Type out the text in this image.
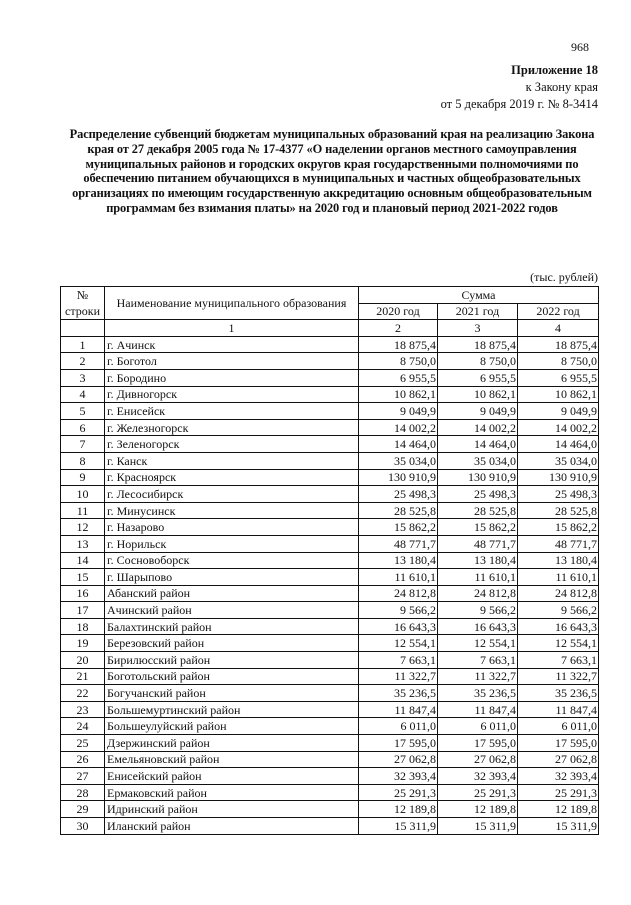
968
Приложение 18
к Закону края
от 5 декабря 2019 г. № 8-3414
Распределение субвенций бюджетам муниципальных образований края на реализацию Закона края от 27 декабря 2005 года № 17-4377 «О наделении органов местного самоуправления муниципальных районов и городских округов края государственными полномочиями по обеспечению питанием обучающихся в муниципальных и частных общеобразовательных организациях по имеющим государственную аккредитацию основным общеобразовательным программам без взимания платы» на 2020 год и плановый период 2021-2022 годов
(тыс. рублей)
№ строки	Наименование муниципального образования	Сумма		
		2020 год	2021 год	2022 год
	1	2	3	4
1	г. Ачинск	18 875,4	18 875,4	18 875,4
2	г. Боготол	8 750,0	8 750,0	8 750,0
3	г. Бородино	6 955,5	6 955,5	6 955,5
4	г. Дивногорск	10 862,1	10 862,1	10 862,1
5	г. Енисейск	9 049,9	9 049,9	9 049,9
6	г. Железногорск	14 002,2	14 002,2	14 002,2
7	г. Зеленогорск	14 464,0	14 464,0	14 464,0
8	г. Канск	35 034,0	35 034,0	35 034,0
9	г. Красноярск	130 910,9	130 910,9	130 910,9
10	г. Лесосибирск	25 498,3	25 498,3	25 498,3
11	г. Минусинск	28 525,8	28 525,8	28 525,8
12	г. Назарово	15 862,2	15 862,2	15 862,2
13	г. Норильск	48 771,7	48 771,7	48 771,7
14	г. Сосновоборск	13 180,4	13 180,4	13 180,4
15	г. Шарыпово	11 610,1	11 610,1	11 610,1
16	Абанский район	24 812,8	24 812,8	24 812,8
17	Ачинский район	9 566,2	9 566,2	9 566,2
18	Балахтинский район	16 643,3	16 643,3	16 643,3
19	Березовский район	12 554,1	12 554,1	12 554,1
20	Бирилюсский район	7 663,1	7 663,1	7 663,1
21	Боготольский район	11 322,7	11 322,7	11 322,7
22	Богучанский район	35 236,5	35 236,5	35 236,5
23	Большемуртинский район	11 847,4	11 847,4	11 847,4
24	Большеулуйский район	6 011,0	6 011,0	6 011,0
25	Дзержинский район	17 595,0	17 595,0	17 595,0
26	Емельяновский район	27 062,8	27 062,8	27 062,8
27	Енисейский район	32 393,4	32 393,4	32 393,4
28	Ермаковский район	25 291,3	25 291,3	25 291,3
29	Идринский район	12 189,8	12 189,8	12 189,8
30	Иланский район	15 311,9	15 311,9	15 311,9
